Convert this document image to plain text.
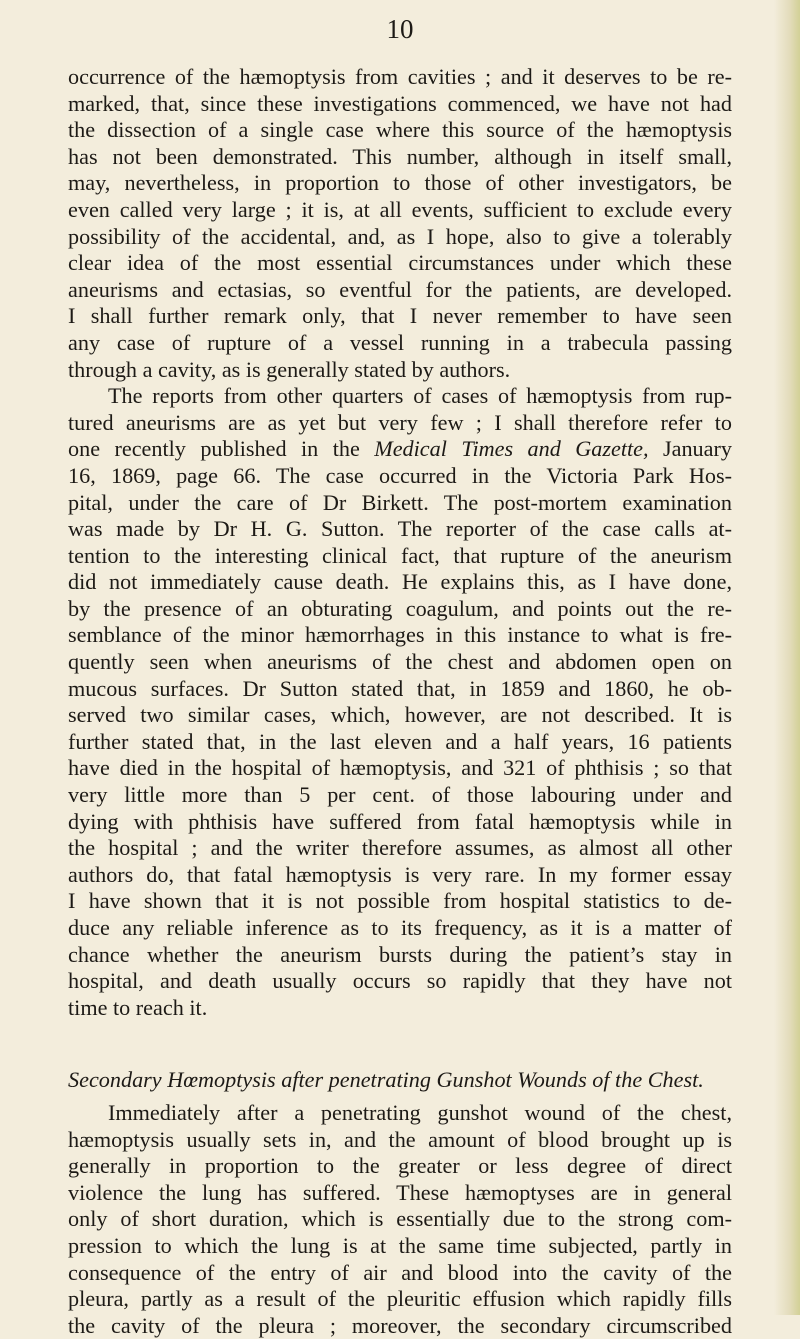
10

occurrence of the hæmoptysis from cavities ; and it deserves to be re-
marked, that, since these investigations commenced, we have not had
the dissection of a single case where this source of the hæmoptysis
has not been demonstrated. This number, although in itself small,
may, nevertheless, in proportion to those of other investigators, be
even called very large ; it is, at all events, sufficient to exclude every
possibility of the accidental, and, as I hope, also to give a tolerably
clear idea of the most essential circumstances under which these
aneurisms and ectasias, so eventful for the patients, are developed.
I shall further remark only, that I never remember to have seen
any case of rupture of a vessel running in a trabecula passing
through a cavity, as is generally stated by authors.

The reports from other quarters of cases of hæmoptysis from rup-
tured aneurisms are as yet but very few ; I shall therefore refer to
one recently published in the Medical Times and Gazette, January
16, 1869, page 66. The case occurred in the Victoria Park Hos-
pital, under the care of Dr Birkett. The post-mortem examination
was made by Dr H. G. Sutton. The reporter of the case calls at-
tention to the interesting clinical fact, that rupture of the aneurism
did not immediately cause death. He explains this, as I have done,
by the presence of an obturating coagulum, and points out the re-
semblance of the minor hæmorrhages in this instance to what is fre-
quently seen when aneurisms of the chest and abdomen open on
mucous surfaces. Dr Sutton stated that, in 1859 and 1860, he ob-
served two similar cases, which, however, are not described. It is
further stated that, in the last eleven and a half years, 16 patients
have died in the hospital of hæmoptysis, and 321 of phthisis ; so that
very little more than 5 per cent. of those labouring under and
dying with phthisis have suffered from fatal hæmoptysis while in
the hospital ; and the writer therefore assumes, as almost all other
authors do, that fatal hæmoptysis is very rare. In my former essay
I have shown that it is not possible from hospital statistics to de-
duce any reliable inference as to its frequency, as it is a matter of
chance whether the aneurism bursts during the patient’s stay in
hospital, and death usually occurs so rapidly that they have not
time to reach it.

Secondary Hœmoptysis after penetrating Gunshot Wounds of the Chest.

Immediately after a penetrating gunshot wound of the chest,
hæmoptysis usually sets in, and the amount of blood brought up is
generally in proportion to the greater or less degree of direct
violence the lung has suffered. These hæmoptyses are in general
only of short duration, which is essentially due to the strong com-
pression to which the lung is at the same time subjected, partly in
consequence of the entry of air and blood into the cavity of the
pleura, partly as a result of the pleuritic effusion which rapidly fills
the cavity of the pleura ; moreover, the secondary circumscribed
